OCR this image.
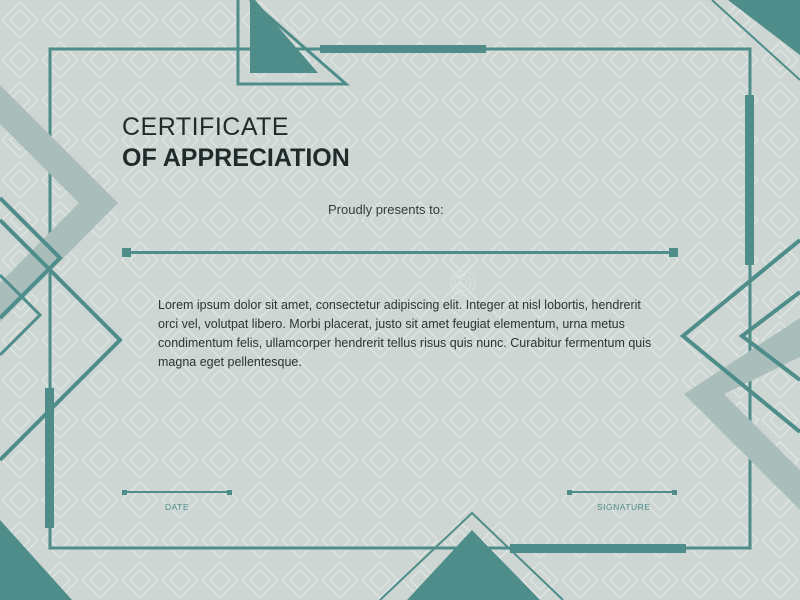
CERTIFICATE
OF APPRECIATION
Proudly presents to:
Lorem ipsum dolor sit amet, consectetur adipiscing elit. Integer at nisl lobortis, hendrerit orci vel, volutpat libero. Morbi placerat, justo sit amet feugiat elementum, urna metus condimentum felis, ullamcorper hendrerit tellus risus quis nunc. Curabitur fermentum quis magna eget pellentesque.
DATE	SIGNATURE
